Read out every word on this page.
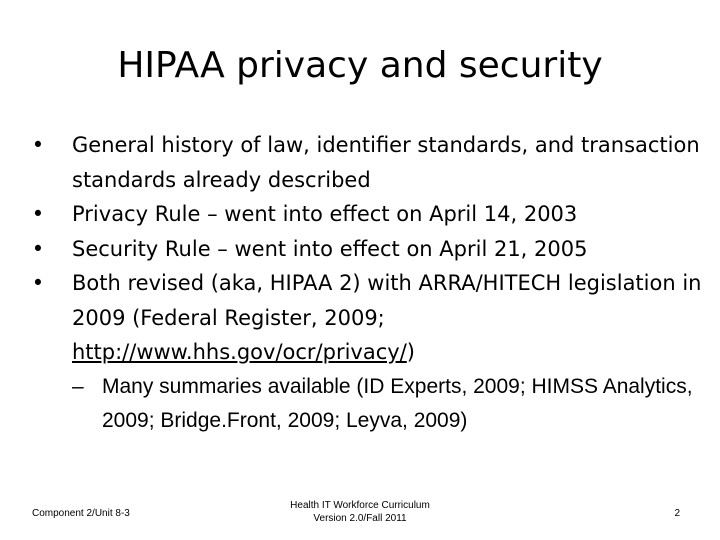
HIPAA privacy and security
• General history of law, identifier standards, and transaction standards already described
• Privacy Rule – went into effect on April 14, 2003
• Security Rule – went into effect on April 21, 2005
• Both revised (aka, HIPAA 2) with ARRA/HITECH legislation in 2009 (Federal Register, 2009; http://www.hhs.gov/ocr/privacy/)
– Many summaries available (ID Experts, 2009; HIMSS Analytics, 2009; Bridge.Front, 2009; Leyva, 2009)
Component 2/Unit 8-3
Health IT Workforce Curriculum
Version 2.0/Fall 2011	2
